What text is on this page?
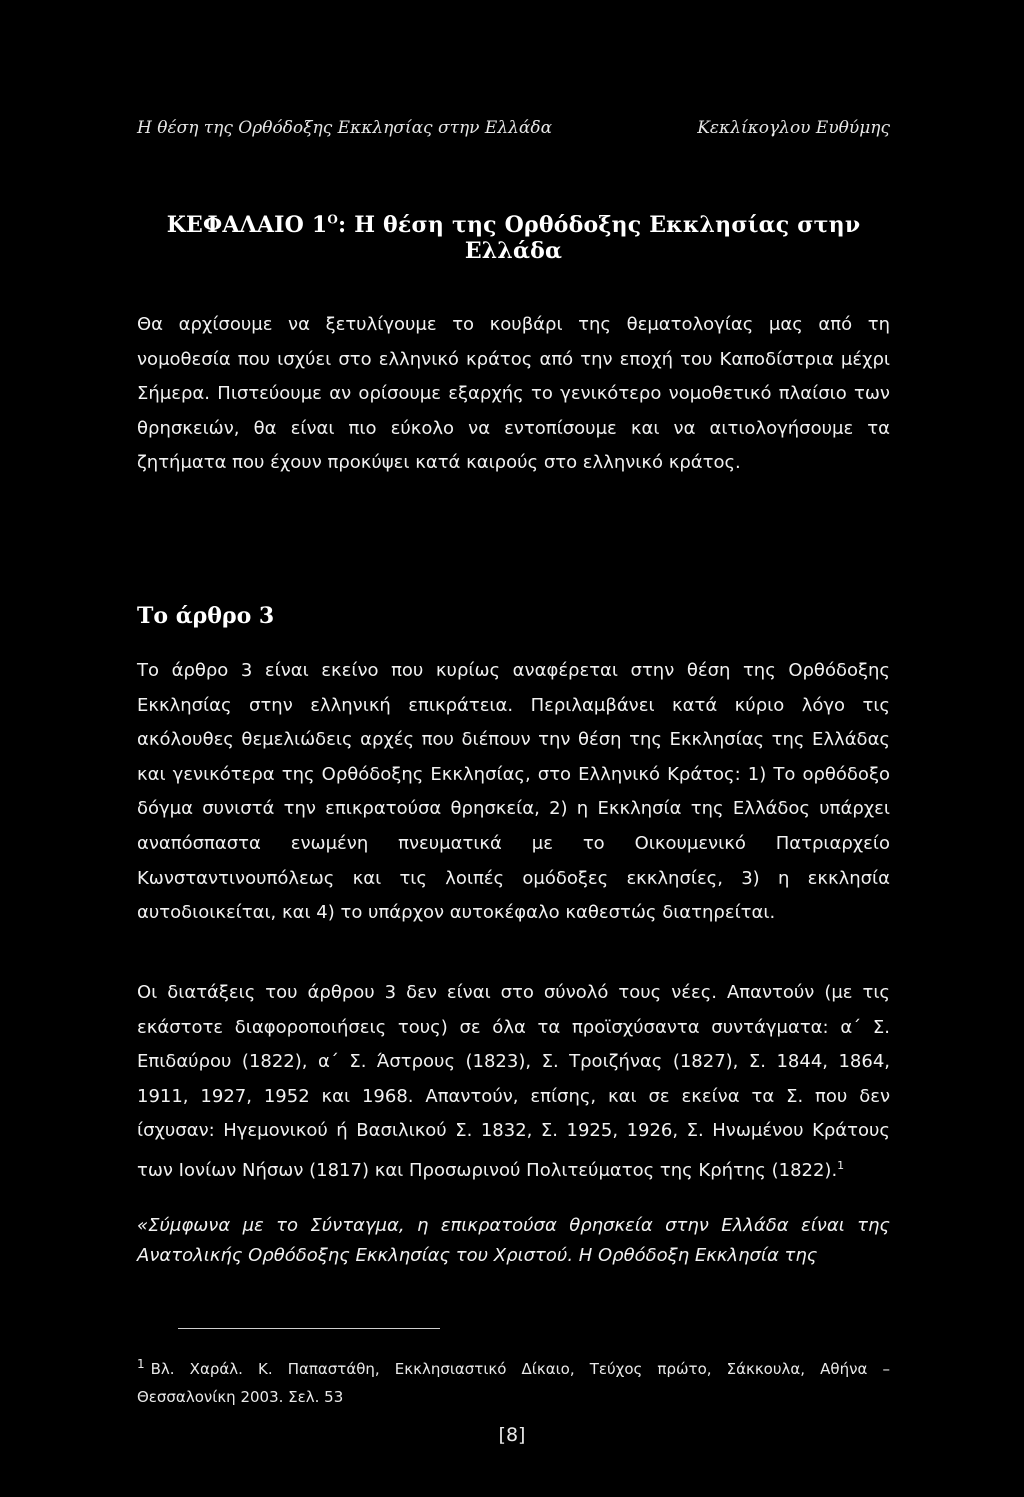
Η θέση της Ορθόδοξης Εκκλησίας στην Ελλάδα	Κεκλίκογλου Ευθύμης
ΚΕΦΑΛΑΙΟ $1^O$: Η θέση της Ορθόδοξης Εκκλησίας στην Ελλάδα

Θα αρχίσουμε να ξετυλίγουμε το κουβάρι της θεματολογίας μας από τη νομοθεσία που ισχύει στο ελληνικό κράτος από την εποχή του Καποδίστρια μέχρι Σήμερα. Πιστεύουμε αν ορίσουμε εξαρχής το γενικότερο νομοθετικό πλαίσιο των θρησκειών, θα είναι πιο εύκολο να εντοπίσουμε και να αιτιολογήσουμε τα ζητήματα που έχουν προκύψει κατά καιρούς στο ελληνικό κράτος.

Το άρθρο 3

Το άρθρο 3 είναι εκείνο που κυρίως αναφέρεται στην θέση της Ορθόδοξης Εκκλησίας στην ελληνική επικράτεια. Περιλαμβάνει κατά κύριο λόγο τις ακόλουθες θεμελιώδεις αρχές που διέπουν την θέση της Εκκλησίας της Ελλάδας και γενικότερα της Ορθόδοξης Εκκλησίας, στο Ελληνικό Κράτος: 1) Το ορθόδοξο δόγμα συνιστά την επικρατούσα θρησκεία, 2) η Εκκλησία της Ελλάδος υπάρχει αναπόσπαστα ενωμένη πνευματικά με το Οικουμενικό Πατριαρχείο Κωνσταντινουπόλεως και τις λοιπές ομόδοξες εκκλησίες, 3) η εκκλησία αυτοδιοικείται, και 4) το υπάρχον αυτοκέφαλο καθεστώς διατηρείται.

Οι διατάξεις του άρθρου 3 δεν είναι στο σύνολό τους νέες. Απαντούν (με τις εκάστοτε διαφοροποιήσεις τους) σε όλα τα προϊσχύσαντα συντάγματα: α΄ Σ. Επιδαύρου (1822), α΄ Σ. Άστρους (1823), Σ. Τροιζήνας (1827), Σ. 1844, 1864, 1911, 1927, 1952 και 1968. Απαντούν, επίσης, και σε εκείνα τα Σ. που δεν ίσχυσαν: Ηγεμονικού ή Βασιλικού Σ. 1832, Σ. 1925, 1926, Σ. Ηνωμένου Κράτους των Ιονίων Νήσων (1817) και Προσωρινού Πολιτεύματος της Κρήτης (1822).$^1$

«Σύμφωνα με το Σύνταγμα, η επικρατούσα θρησκεία στην Ελλάδα είναι της Ανατολικής Ορθόδοξης Εκκλησίας του Χριστού. Η Ορθόδοξη Εκκλησία της
$^1$ Βλ. Χαράλ. Κ. Παπαστάθη, Εκκλησιαστικό Δίκαιο, Τεύχος πρώτο, Σάκκουλα, Αθήνα – Θεσσαλονίκη 2003. Σελ. 53
[8]
